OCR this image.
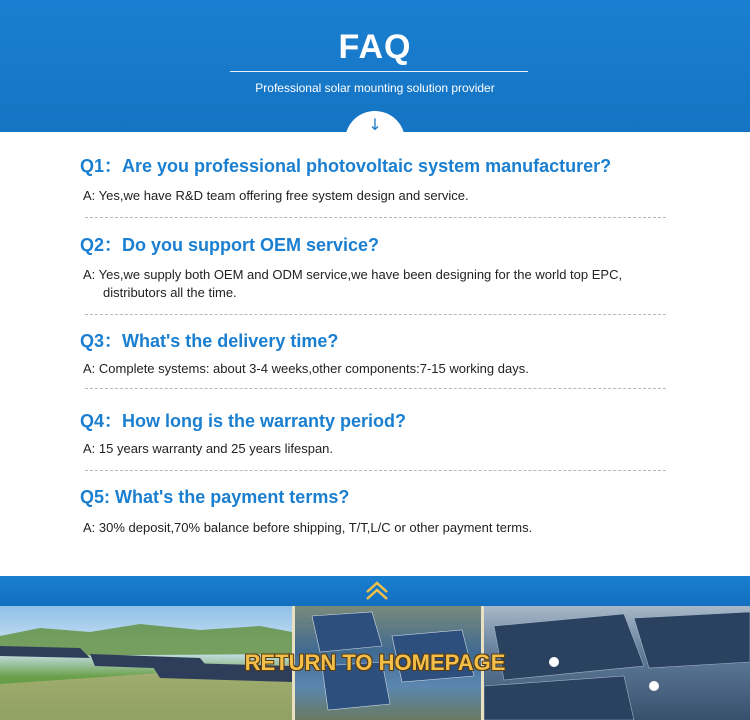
FAQ
Professional solar mounting solution provider
↓
Q1：Are you professional photovoltaic system manufacturer?
A: Yes,we have R&D team offering free system design and service.
Q2：Do you support OEM service?
A: Yes,we supply both OEM and ODM service,we have been designing for the world top EPC,
distributors all the time.
Q3：What's the delivery time?
A: Complete systems: about 3-4 weeks,other components:7-15 working days.
Q4：How long is the warranty period?
A: 15 years warranty and 25 years lifespan.
Q5: What's the payment terms?
A: 30% deposit,70% balance before shipping, T/T,L/C or other payment terms.
RETURN TO HOMEPAGE
